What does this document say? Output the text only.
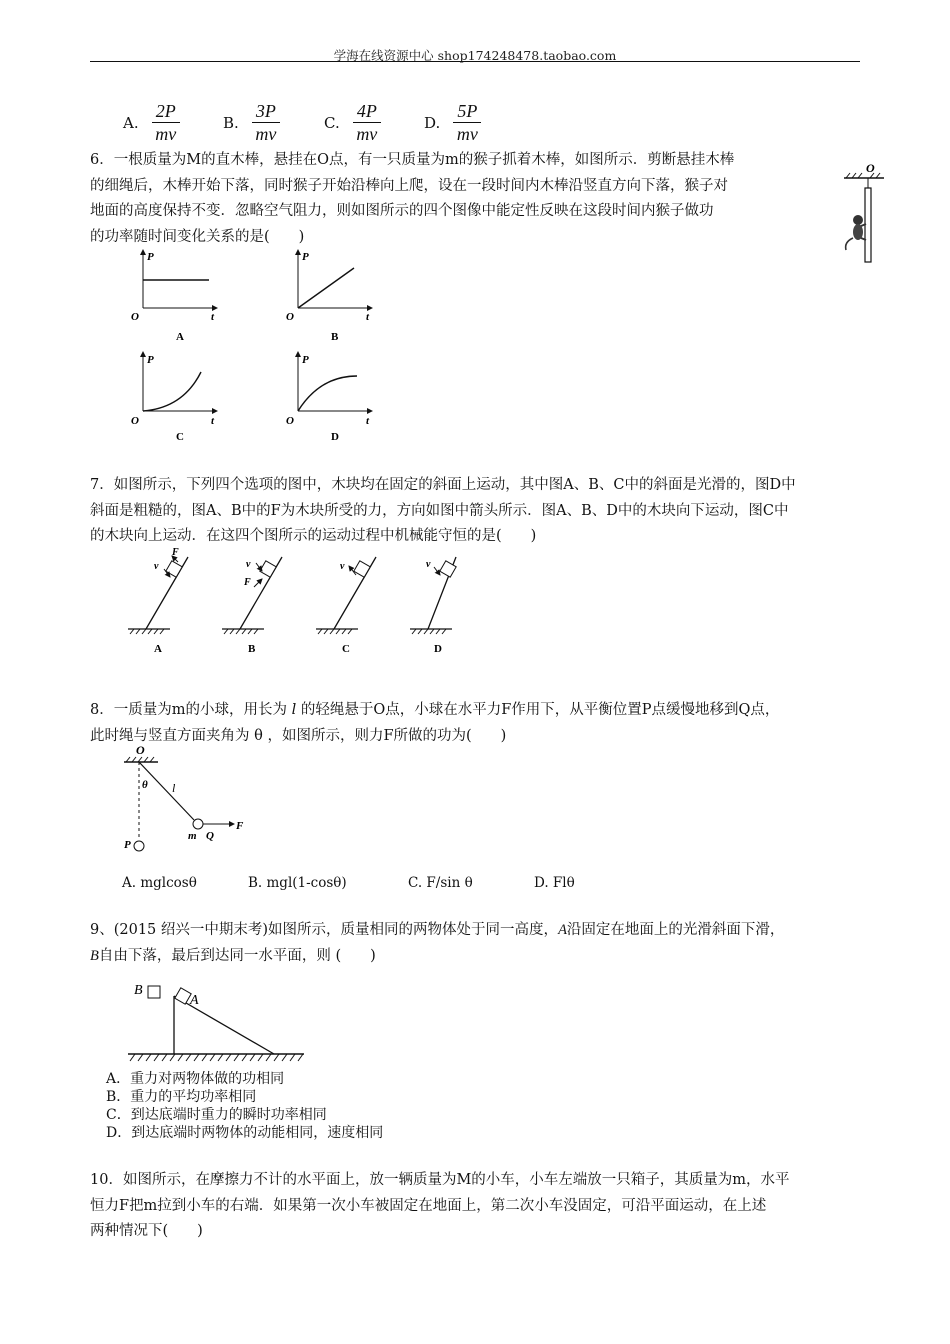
学海在线资源中心 shop174248478.taobao.com
A. $\frac{2P}{mv}$	B. $\frac{3P}{mv}$	C. $\frac{4P}{mv}$	D. $\frac{5P}{mv}$

6．一根质量为M的直木棒，悬挂在O点，有一只质量为m的猴子抓着木棒，如图所示．剪断悬挂木棒

的细绳后，木棒开始下落，同时猴子开始沿棒向上爬，设在一段时间内木棒沿竖直方向下落，猴子对

地面的高度保持不变．忽略空气阻力，则如图所示的四个图像中能定性反映在这段时间内猴子做功

的功率随时间变化关系的是(　　)

O
P
O	t
A
P
O	t
B
P
O	t
C
P
O	t
D

7．如图所示，下列四个选项的图中，木块均在固定的斜面上运动，其中图A、B、C中的斜面是光滑的，图D中

斜面是粗糙的，图A、B中的F为木块所受的力，方向如图中箭头所示．图A、B、D中的木块向下运动，图C中

的木块向上运动．在这四个图所示的运动过程中机械能守恒的是(　　)

v
F
A
v
F
B
v
C
v
D

8．一质量为m的小球，用长为 l 的轻绳悬于O点，小球在水平力F作用下，从平衡位置P点缓慢地移到Q点，

此时绳与竖直方面夹角为 θ ，如图所示，则力F所做的功为(　　)

O
θ l
m Q
F
P
A. mglcosθ	B. mgl(1-cosθ)	C. F/sin θ	D. Flθ

9、(2015 绍兴一中期末考)如图所示，质量相同的两物体处于同一高度，A沿固定在地面上的光滑斜面下滑，

B自由下落，最后到达同一水平面，则 (　　)

B
A

A．重力对两物体做的功相同

B．重力的平均功率相同

C．到达底端时重力的瞬时功率相同

D．到达底端时两物体的动能相同，速度相同

10．如图所示，在摩擦力不计的水平面上，放一辆质量为M的小车，小车左端放一只箱子，其质量为m，水平

恒力F把m拉到小车的右端．如果第一次小车被固定在地面上，第二次小车没固定，可沿平面运动，在上述

两种情况下(　　)
